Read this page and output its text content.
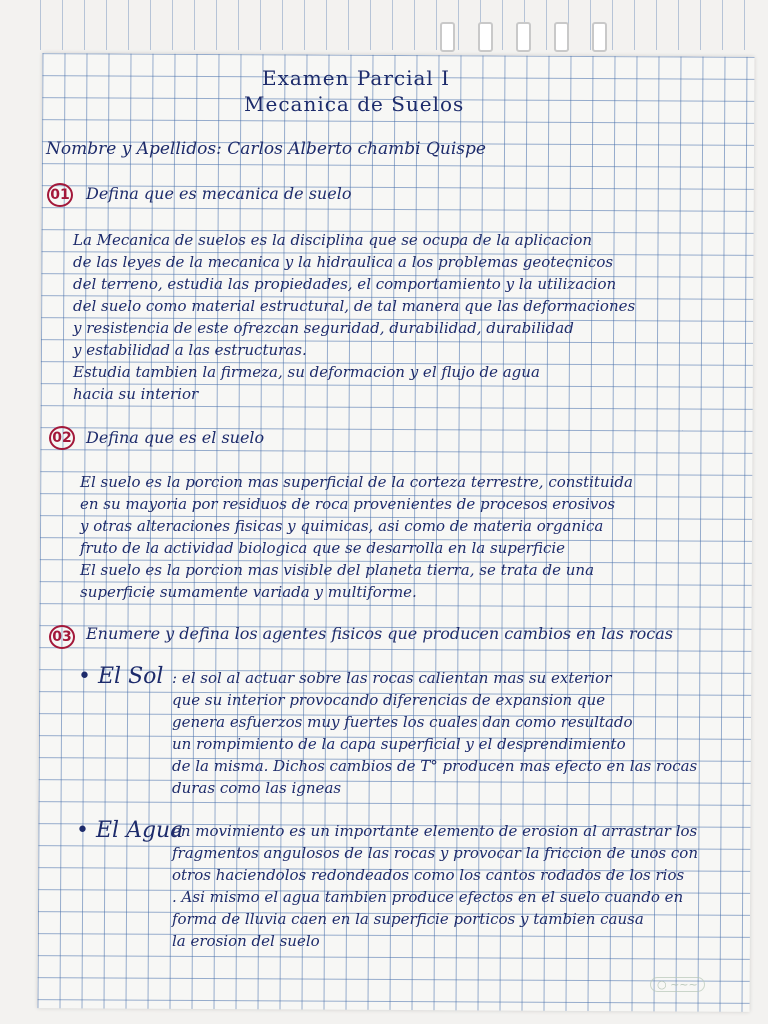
Examen Parcial I
Mecanica de Suelos
Nombre y Apellidos: Carlos Alberto chambi Quispe
01 Defina que es mecanica de suelo
La Mecanica de suelos es la disciplina que se ocupa de la aplicacion
de las leyes de la mecanica y la hidraulica a los problemas geotecnicos
del terreno, estudia las propiedades, el comportamiento y la utilizacion
del suelo como material estructural, de tal manera que las deformaciones
y resistencia de este ofrezcan seguridad, durabilidad, durabilidad
y estabilidad a las estructuras.
Estudia tambien la firmeza, su deformacion y el flujo de agua
hacia su interior
02 Defina que es el suelo
El suelo es la porcion mas superficial de la corteza terrestre, constituida
en su mayoria por residuos de roca provenientes de procesos erosivos
y otras alteraciones fisicas y quimicas, asi como de materia organica
fruto de la actividad biologica que se desarrolla en la superficie
El suelo es la porcion mas visible del planeta tierra, se trata de una
superficie sumamente variada y multiforme.
03 Enumere y defina los agentes fisicos que producen cambios en las rocas
• El Sol : el sol al actuar sobre las rocas calientan mas su exterior
que su interior provocando diferencias de expansion que
genera esfuerzos muy fuertes los cuales dan como resultado
un rompimiento de la capa superficial y el desprendimiento
de la misma. Dichos cambios de T° producen mas efecto en las rocas
duras como las igneas
• El Agua
en movimiento es un importante elemento de erosion al arrastrar los
fragmentos angulosos de las rocas y provocar la friccion de unos con
otros haciendolos redondeados como los cantos rodados de los rios
. Asi mismo el agua tambien produce efectos en el suelo cuando en
forma de lluvia caen en la superficie porticos y tambien causa
la erosion del suelo
○ ~~~
